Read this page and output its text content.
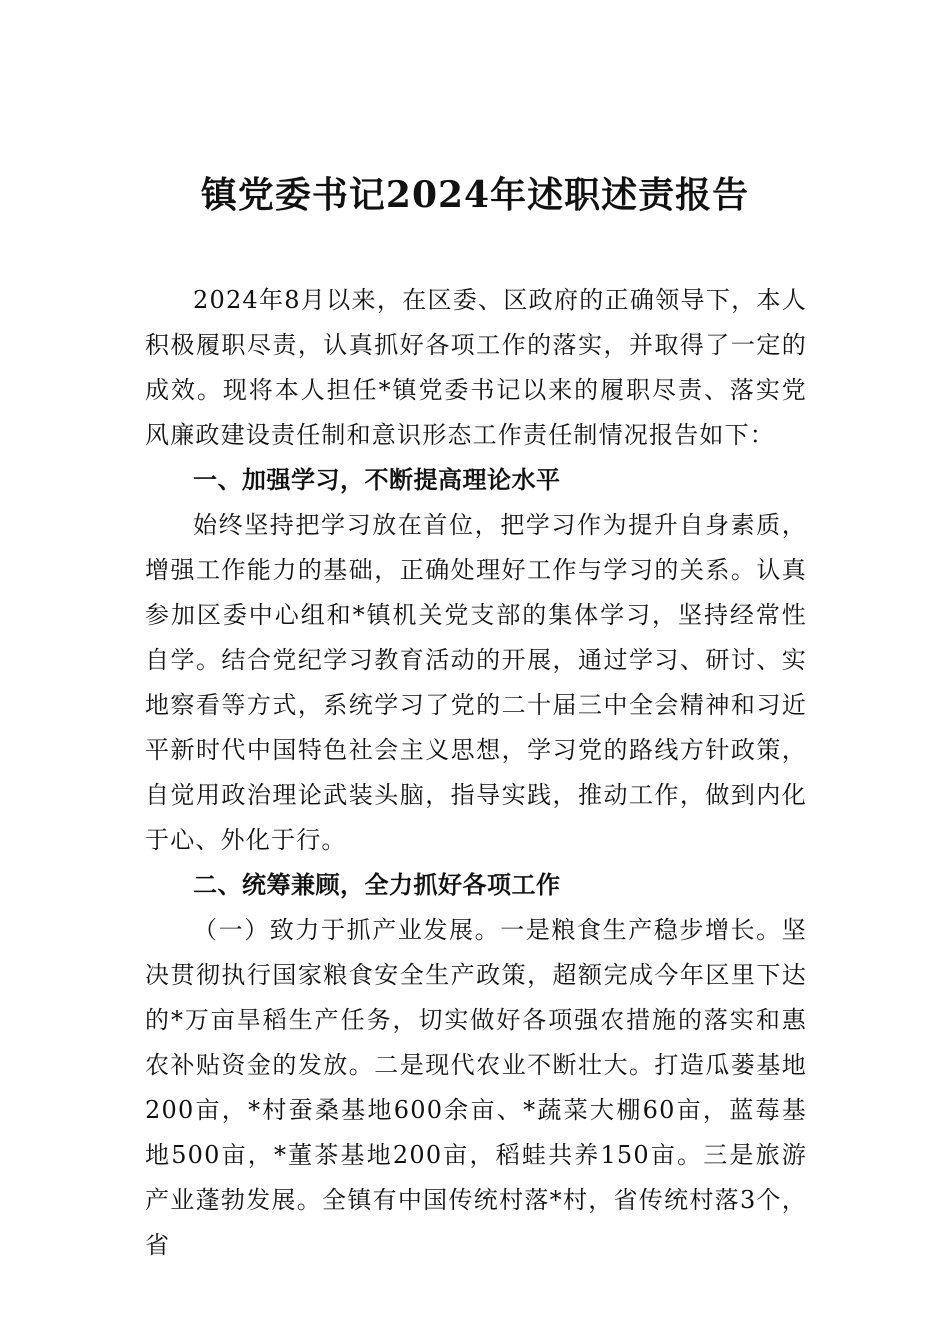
镇党委书记2024年述职述责报告

2024年8月以来，在区委、区政府的正确领导下，本人积极履职尽责，认真抓好各项工作的落实，并取得了一定的成效。现将本人担任*镇党委书记以来的履职尽责、落实党风廉政建设责任制和意识形态工作责任制情况报告如下：

一、加强学习，不断提高理论水平

始终坚持把学习放在首位，把学习作为提升自身素质，增强工作能力的基础，正确处理好工作与学习的关系。认真参加区委中心组和*镇机关党支部的集体学习，坚持经常性自学。结合党纪学习教育活动的开展，通过学习、研讨、实地察看等方式，系统学习了党的二十届三中全会精神和习近平新时代中国特色社会主义思想，学习党的路线方针政策，自觉用政治理论武装头脑，指导实践，推动工作，做到内化于心、外化于行。

二、统筹兼顾，全力抓好各项工作

（一）致力于抓产业发展。一是粮食生产稳步增长。坚决贯彻执行国家粮食安全生产政策，超额完成今年区里下达的*万亩旱稻生产任务，切实做好各项强农措施的落实和惠农补贴资金的发放。二是现代农业不断壮大。打造瓜蒌基地200亩，*村蚕桑基地600余亩、*蔬菜大棚60亩，蓝莓基地500亩，*董茶基地200亩，稻蛙共养150亩。三是旅游产业蓬勃发展。全镇有中国传统村落*村，省传统村落3个，省
